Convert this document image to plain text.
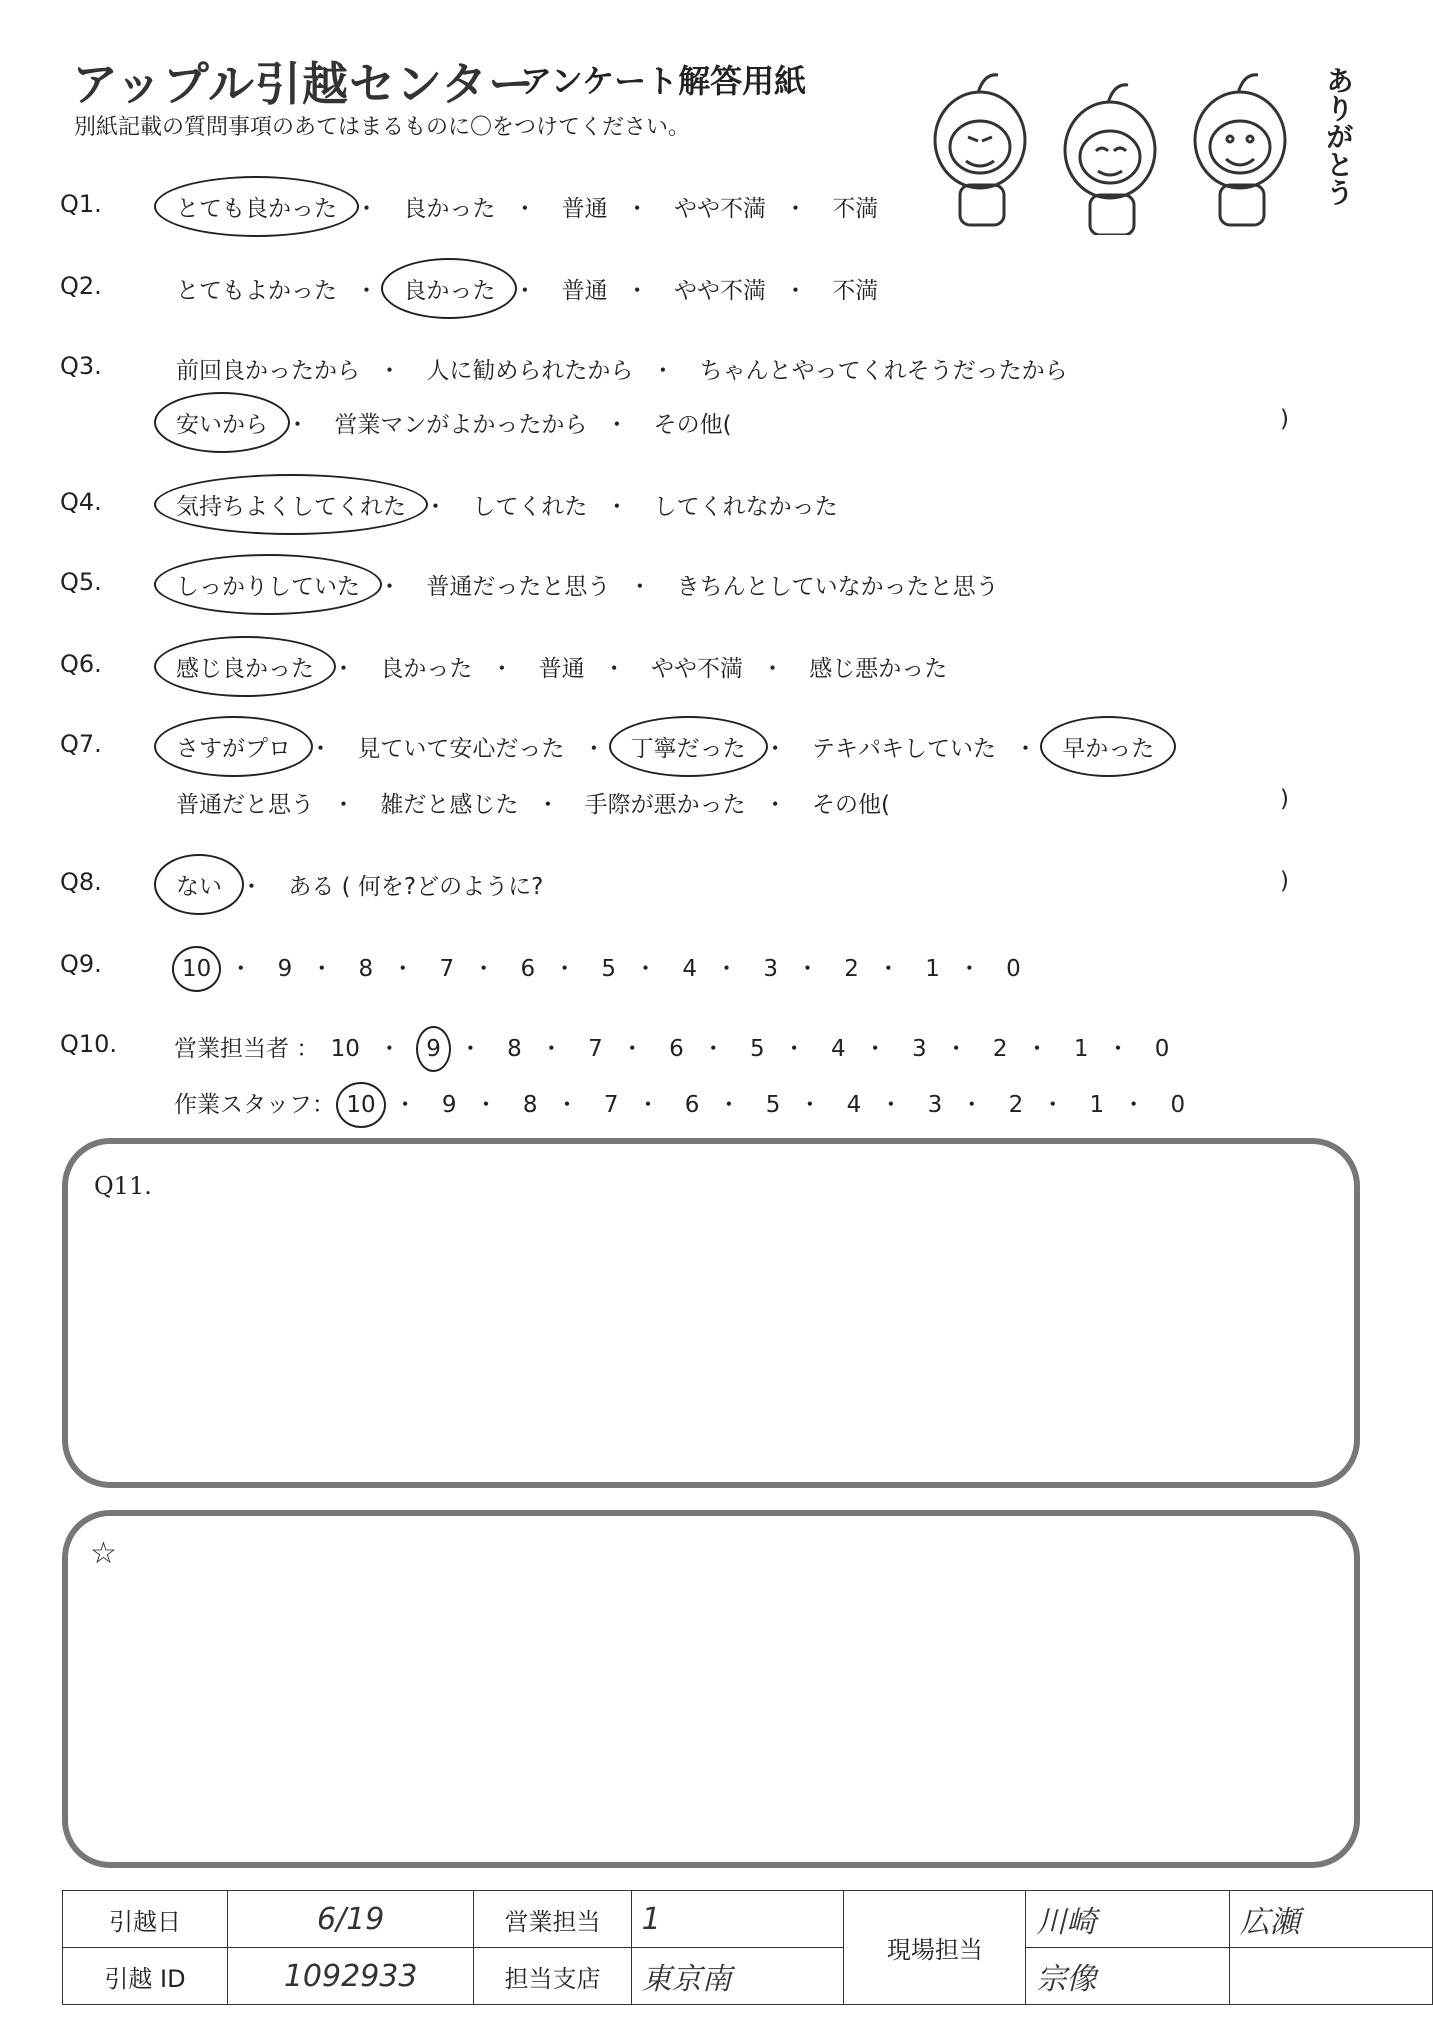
アップル引越センター
アンケート解答用紙
別紙記載の質問事項のあてはまるものに〇をつけてください。	ありがとう
Q1.	とても良かった ・ 良かった ・ 普通 ・ やや不満 ・ 不満
Q2.	とてもよかった ・ 良かった ・ 普通 ・ やや不満 ・ 不満
Q3.	前回良かったから ・ 人に勧められたから ・ ちゃんとやってくれそうだったから
安いから ・ 営業マンがよかったから ・ その他(	)
Q4.	気持ちよくしてくれた ・ してくれた ・ してくれなかった
Q5.	しっかりしていた ・ 普通だったと思う ・ きちんとしていなかったと思う
Q6.	感じ良かった ・ 良かった ・ 普通 ・ やや不満 ・ 感じ悪かった
Q7.	さすがプロ ・ 見ていて安心だった ・ 丁寧だった ・ テキパキしていた ・ 早かった
普通だと思う ・ 雑だと感じた ・ 手際が悪かった ・ その他(	)
Q8.	ない ・ ある ( 何を?どのように?	)
Q9.	10 ・ 9 ・ 8 ・ 7 ・ 6 ・ 5 ・ 4 ・ 3 ・ 2 ・ 1 ・ 0
Q10. 営業担当者 ： 10 ・ 9 ・ 8 ・ 7 ・ 6 ・ 5 ・ 4 ・ 3 ・ 2 ・ 1 ・ 0
作業スタッフ： 10 ・ 9 ・ 8 ・ 7 ・ 6 ・ 5 ・ 4 ・ 3 ・ 2 ・ 1 ・ 0
Q11.
☆
引越日	6/19	営業担当	1	現場担当	川崎	広瀬
引越 ID	1092933	担当支店	東京南		宗像	
